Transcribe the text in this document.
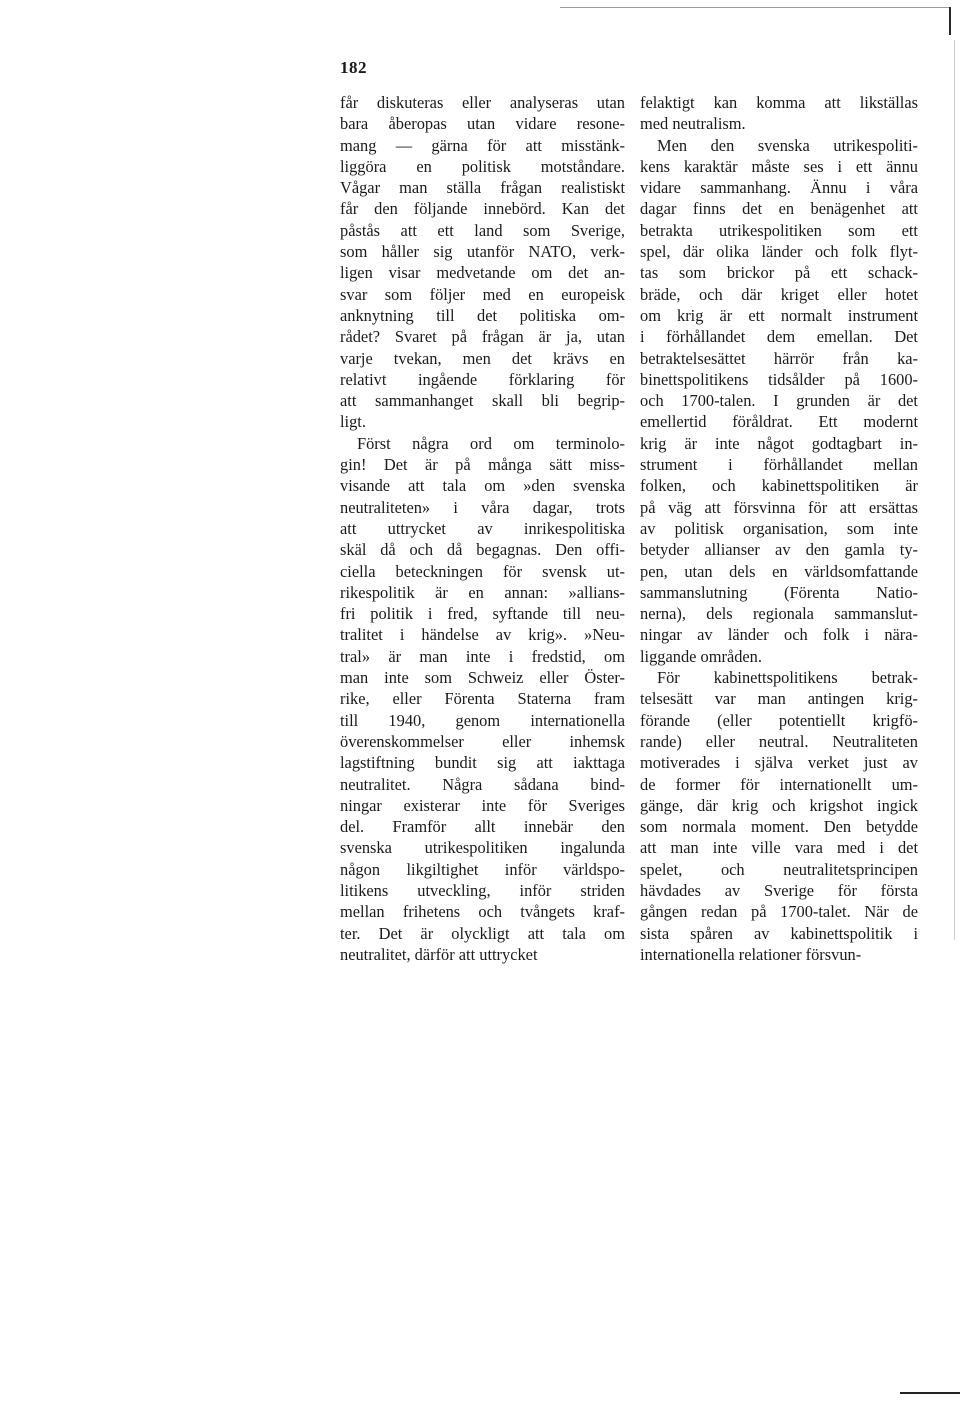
182
får diskuteras eller analyseras utan
bara åberopas utan vidare resone-
mang — gärna för att misstänk-
liggöra en politisk motståndare.
Vågar man ställa frågan realistiskt
får den följande innebörd. Kan det
påstås att ett land som Sverige,
som håller sig utanför NATO, verk-
ligen visar medvetande om det an-
svar som följer med en europeisk
anknytning till det politiska om-
rådet? Svaret på frågan är ja, utan
varje tvekan, men det krävs en
relativt ingående förklaring för
att sammanhanget skall bli begrip-
ligt.
Först några ord om terminolo-
gin! Det är på många sätt miss-
visande att tala om »den svenska
neutraliteten» i våra dagar, trots
att uttrycket av inrikespolitiska
skäl då och då begagnas. Den offi-
ciella beteckningen för svensk ut-
rikespolitik är en annan: »allians-
fri politik i fred, syftande till neu-
tralitet i händelse av krig». »Neu-
tral» är man inte i fredstid, om
man inte som Schweiz eller Öster-
rike, eller Förenta Staterna fram
till 1940, genom internationella
överenskommelser eller inhemsk
lagstiftning bundit sig att iakttaga
neutralitet. Några sådana bind-
ningar existerar inte för Sveriges
del. Framför allt innebär den
svenska utrikespolitiken ingalunda
någon likgiltighet inför världspo-
litikens utveckling, inför striden
mellan frihetens och tvångets kraf-
ter. Det är olyckligt att tala om
neutralitet, därför att uttrycket
felaktigt kan komma att likställas
med neutralism.
Men den svenska utrikespoliti-
kens karaktär måste ses i ett ännu
vidare sammanhang. Ännu i våra
dagar finns det en benägenhet att
betrakta utrikespolitiken som ett
spel, där olika länder och folk flyt-
tas som brickor på ett schack-
bräde, och där kriget eller hotet
om krig är ett normalt instrument
i förhållandet dem emellan. Det
betraktelsesättet härrör från ka-
binettspolitikens tidsålder på 1600-
och 1700-talen. I grunden är det
emellertid föråldrat. Ett modernt
krig är inte något godtagbart in-
strument i förhållandet mellan
folken, och kabinettspolitiken är
på väg att försvinna för att ersättas
av politisk organisation, som inte
betyder allianser av den gamla ty-
pen, utan dels en världsomfattande
sammanslutning (Förenta Natio-
nerna), dels regionala sammanslut-
ningar av länder och folk i nära-
liggande områden.
För kabinettspolitikens betrak-
telsesätt var man antingen krig-
förande (eller potentiellt krigfö-
rande) eller neutral. Neutraliteten
motiverades i själva verket just av
de former för internationellt um-
gänge, där krig och krigshot ingick
som normala moment. Den betydde
att man inte ville vara med i det
spelet, och neutralitetsprincipen
hävdades av Sverige för första
gången redan på 1700-talet. När de
sista spåren av kabinettspolitik i
internationella relationer försvun-
